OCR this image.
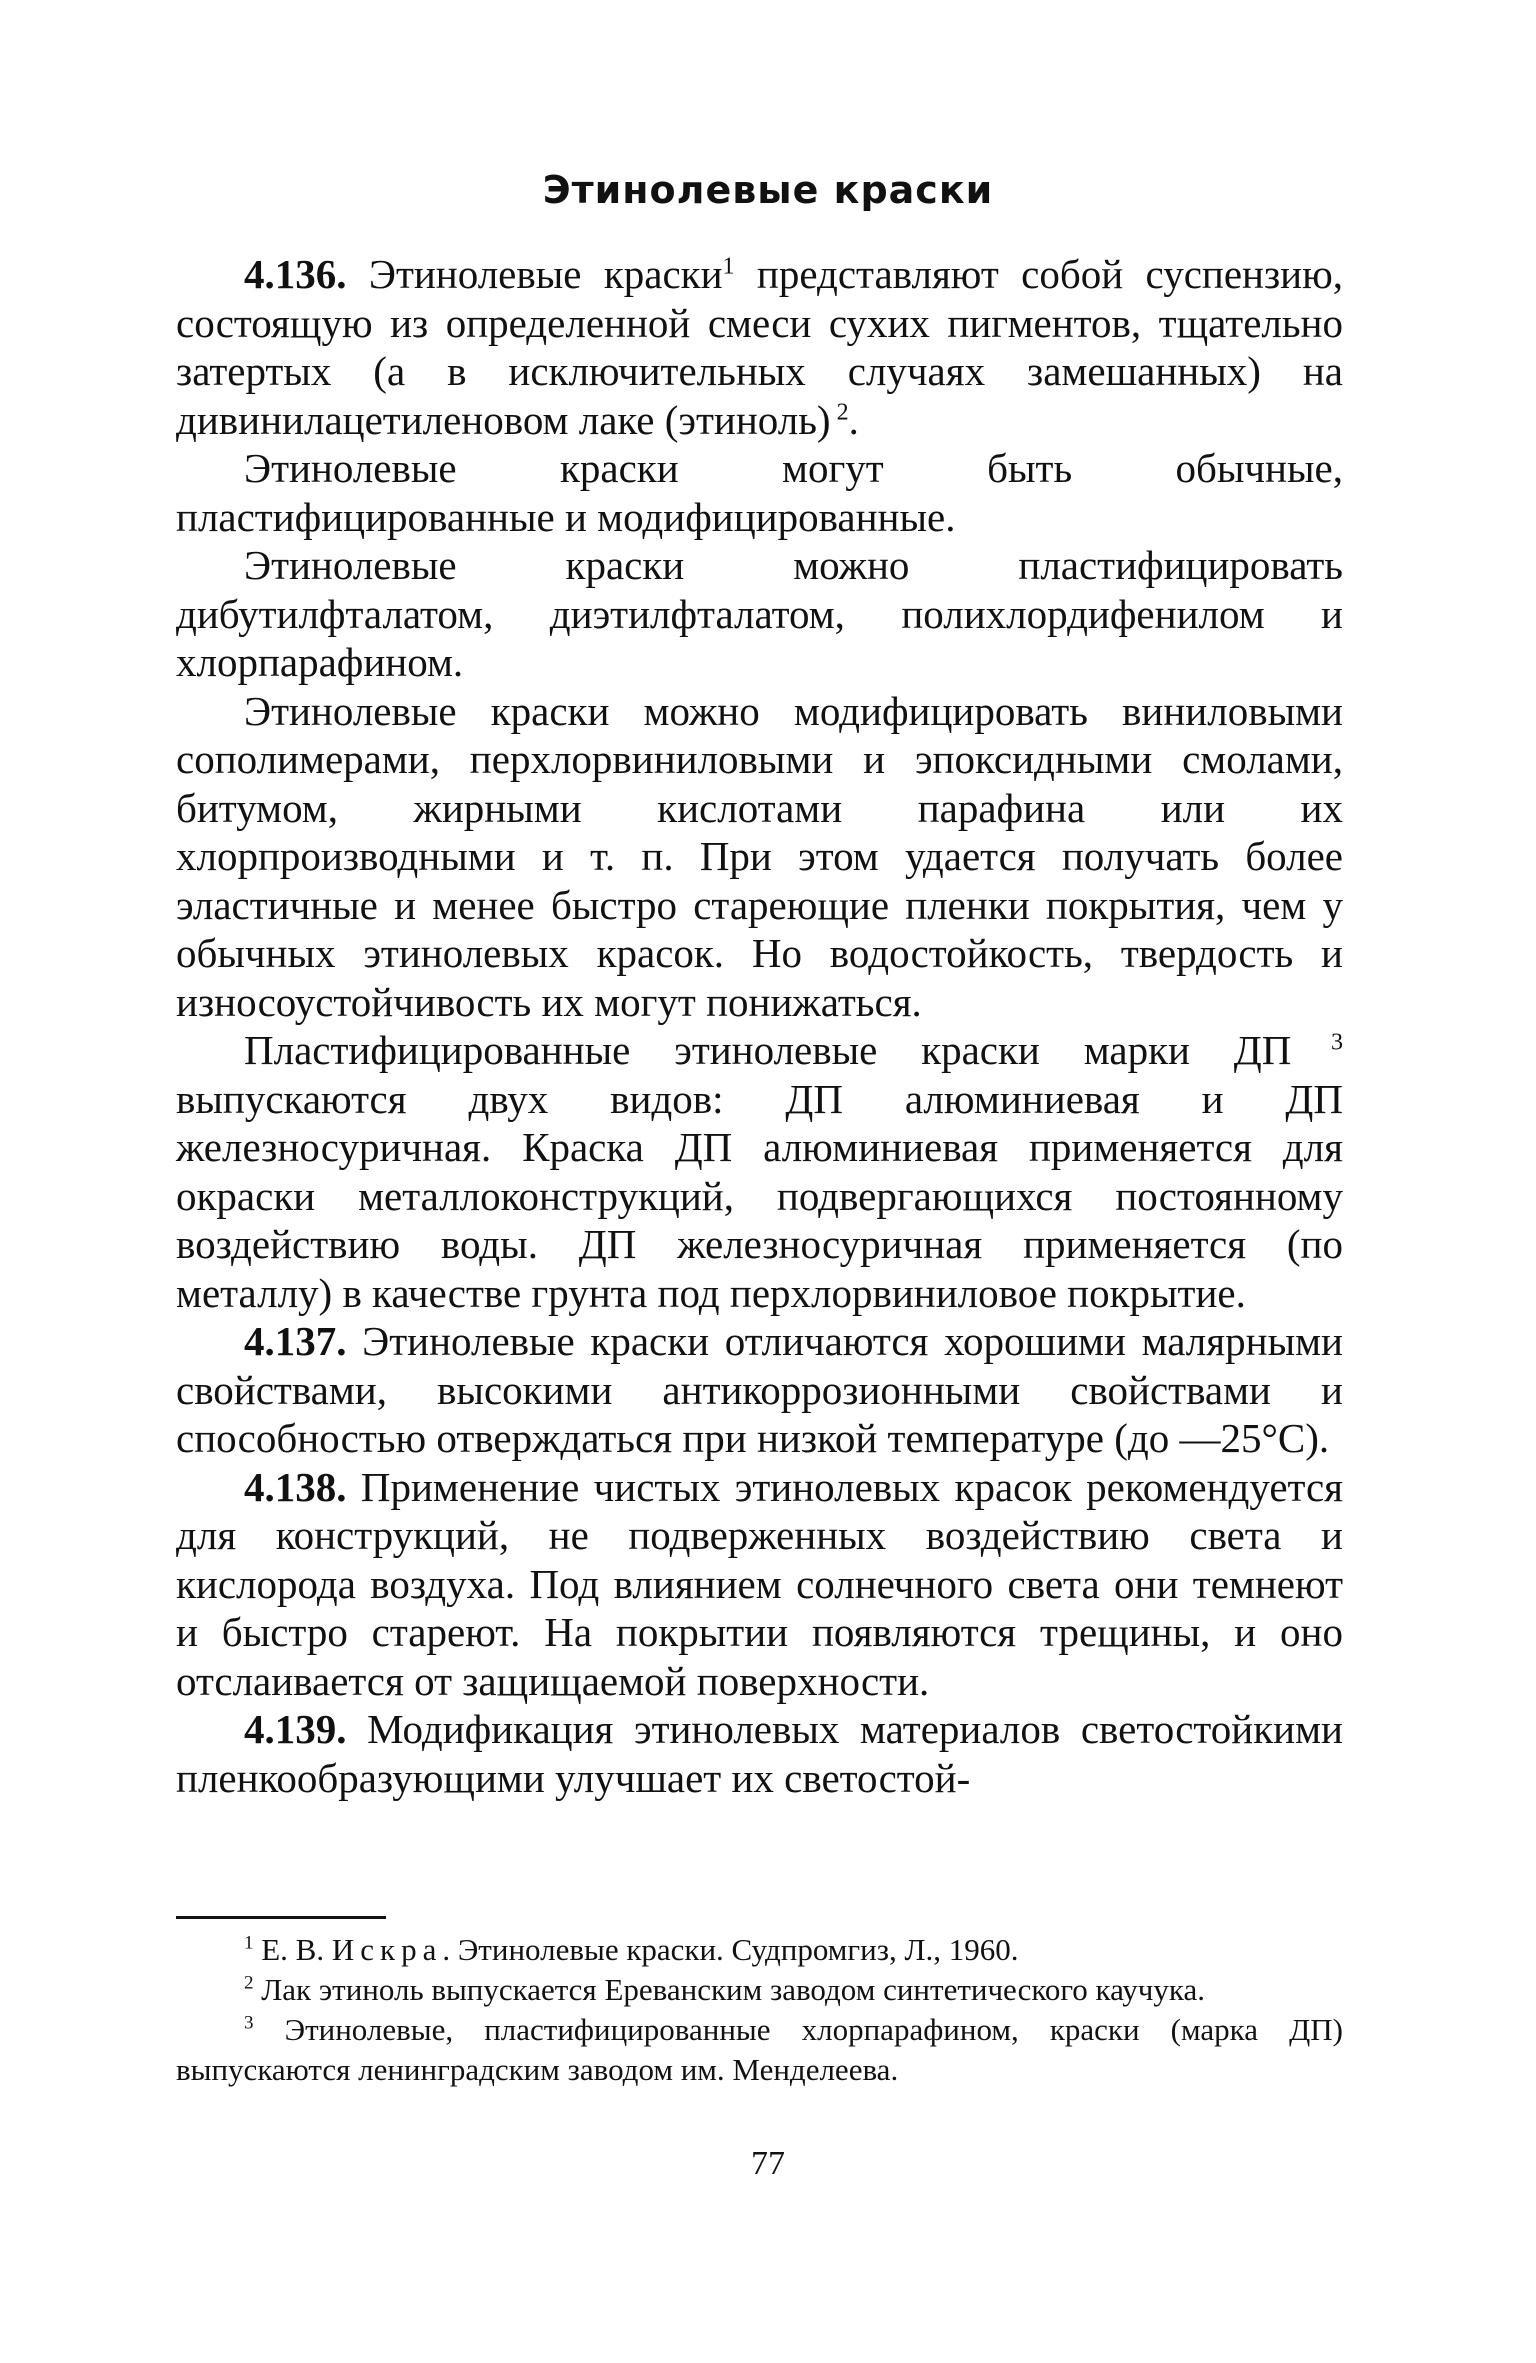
Этинолевые краски

4.136. Этинолевые краски$^1$ представляют собой суспензию, состоящую из определенной смеси сухих пигментов, тщательно затертых (а в исключительных случаях замешанных) на дивинилацетиленовом лаке (этиноль) $^2$.

Этинолевые краски могут быть обычные, пластифицированные и модифицированные.

Этинолевые краски можно пластифицировать дибутилфталатом, диэтилфталатом, полихлордифенилом и хлорпарафином.

Этинолевые краски можно модифицировать виниловыми сополимерами, перхлорвиниловыми и эпоксидными смолами, битумом, жирными кислотами парафина или их хлорпроизводными и т. п. При этом удается получать более эластичные и менее быстро стареющие пленки покрытия, чем у обычных этинолевых красок. Но водостойкость, твердость и износоустойчивость их могут понижаться.

Пластифицированные этинолевые краски марки ДП $^3$ выпускаются двух видов: ДП алюминиевая и ДП железносуричная. Краска ДП алюминиевая применяется для окраски металлоконструкций, подвергающихся постоянному воздействию воды. ДП железносуричная применяется (по металлу) в качестве грунта под перхлорвиниловое покрытие.

4.137. Этинолевые краски отличаются хорошими малярными свойствами, высокими антикоррозионными свойствами и способностью отверждаться при низкой температуре (до —25°С).

4.138. Применение чистых этинолевых красок рекомендуется для конструкций, не подверженных воздействию света и кислорода воздуха. Под влиянием солнечного света они темнеют и быстро стареют. На покрытии появляются трещины, и оно отслаивается от защищаемой поверхности.

4.139. Модификация этинолевых материалов светостойкими пленкообразующими улучшает их светостой-

$^1$ Е. В. Искра. Этинолевые краски. Судпромгиз, Л., 1960.

$^2$ Лак этиноль выпускается Ереванским заводом синтетического каучука.

$^3$ Этинолевые, пластифицированные хлорпарафином, краски (марка ДП) выпускаются ленинградским заводом им. Менделеева.

77
